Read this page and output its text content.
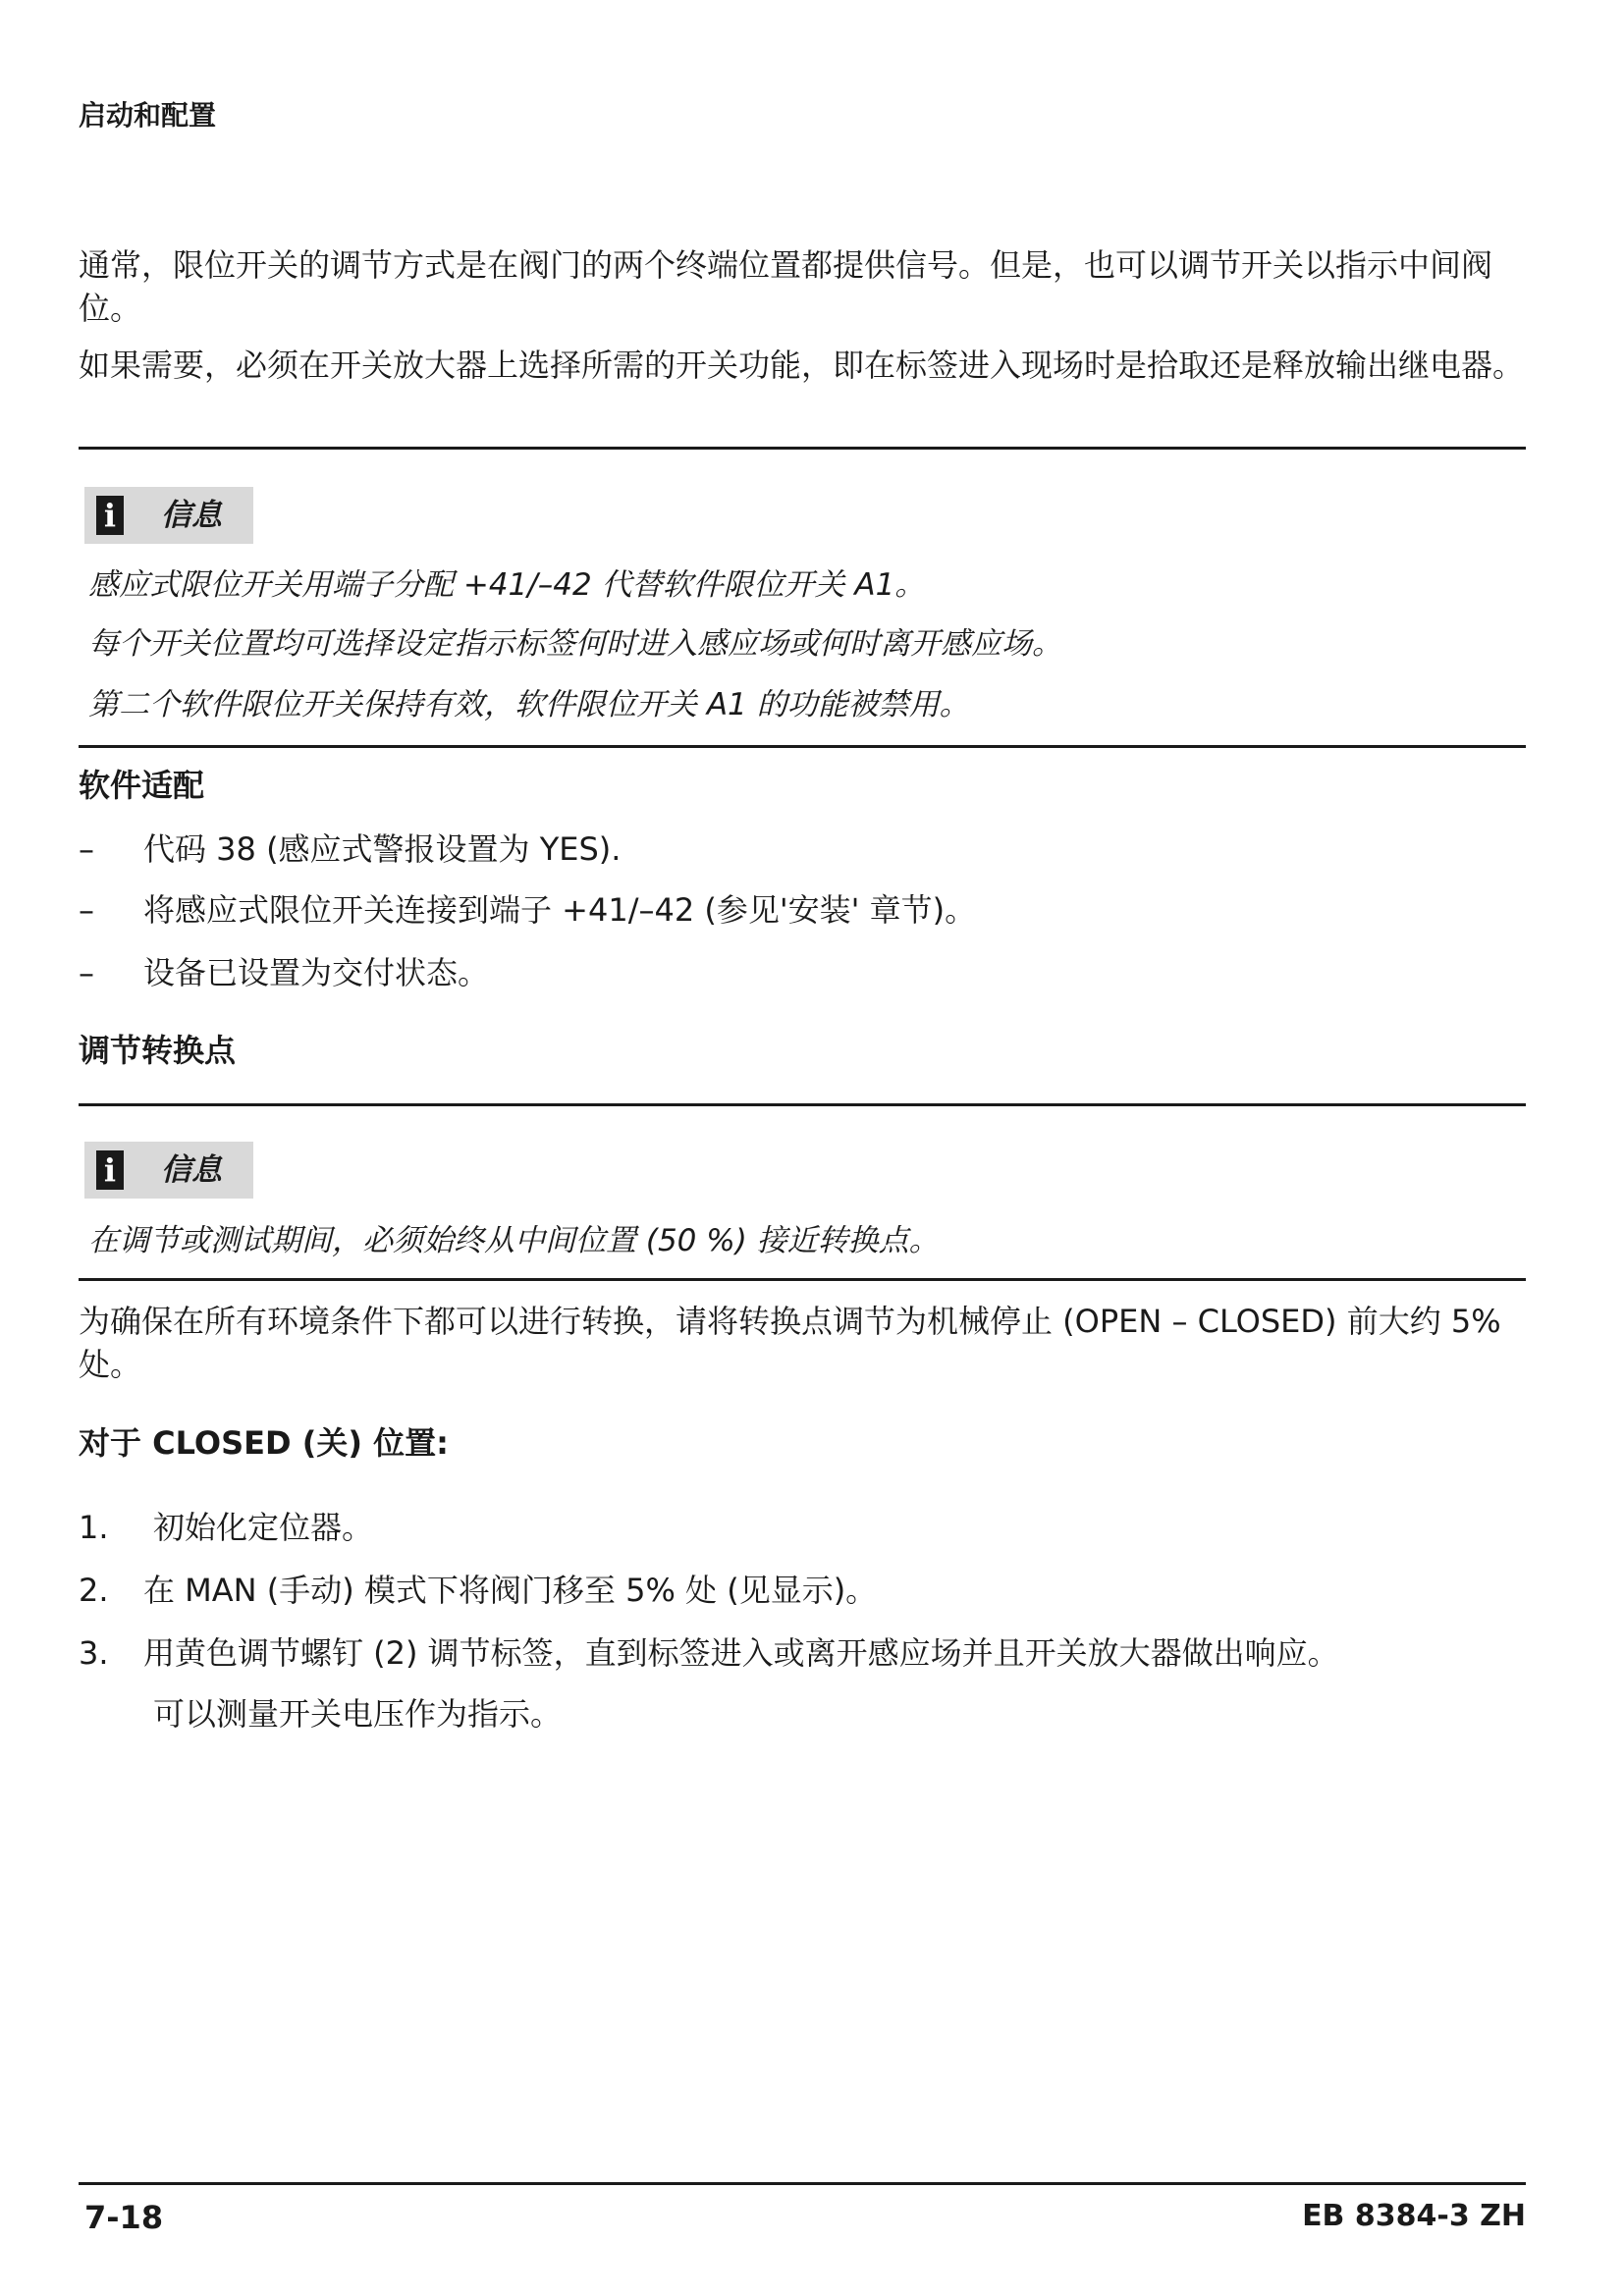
启动和配置
通常，限位开关的调节方式是在阀门的两个终端位置都提供信号。但是，也可以调节开关以指示中间阀位。
如果需要，必须在开关放大器上选择所需的开关功能，即在标签进入现场时是拾取还是释放输出继电器。
i 信息
感应式限位开关用端子分配 +41/–42 代替软件限位开关 A1。
每个开关位置均可选择设定指示标签何时进入感应场或何时离开感应场。
第二个软件限位开关保持有效，软件限位开关 A1 的功能被禁用。
软件适配
– 代码 38 (感应式警报设置为 YES).
– 将感应式限位开关连接到端子 +41/–42 (参见'安装' 章节)。
– 设备已设置为交付状态。
调节转换点
i 信息
在调节或测试期间，必须始终从中间位置 (50 %) 接近转换点。
为确保在所有环境条件下都可以进行转换，请将转换点调节为机械停止 (OPEN – CLOSED) 前大约 5% 处。
对于 CLOSED (关) 位置:
1. 初始化定位器。
2. 在 MAN (手动) 模式下将阀门移至 5% 处 (见显示)。
3. 用黄色调节螺钉 (2) 调节标签，直到标签进入或离开感应场并且开关放大器做出响应。
可以测量开关电压作为指示。
7-18	EB 8384-3 ZH
